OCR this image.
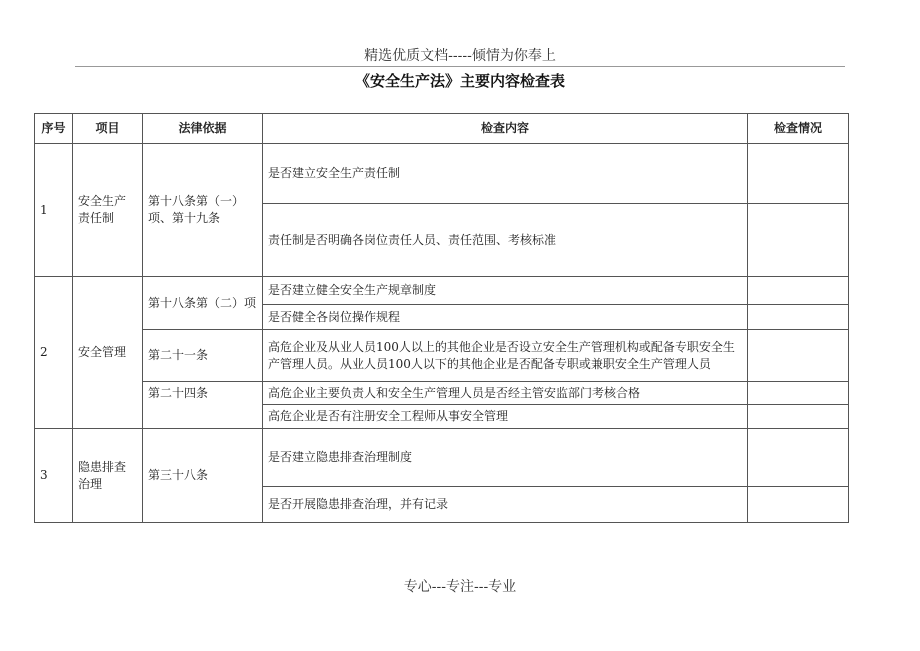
精选优质文档-----倾情为你奉上
《安全生产法》主要内容检查表
序号	项目	法律依据	检查内容	检查情况
1	安全生产责任制	第十八条第（一）项、第十九条	是否建立安全生产责任制	
			责任制是否明确各岗位责任人员、责任范围、考核标准	
2	安全管理	第十八条第（二）项	是否建立健全安全生产规章制度	
			是否健全各岗位操作规程	
		第二十一条	高危企业及从业人员100人以上的其他企业是否设立安全生产管理机构或配备专职安全生产管理人员。从业人员100人以下的其他企业是否配备专职或兼职安全生产管理人员	
		第二十四条	高危企业主要负责人和安全生产管理人员是否经主管安监部门考核合格	
			高危企业是否有注册安全工程师从事安全管理	

3	隐患排查治理	第三十八条	是否建立隐患排查治理制度	
			是否开展隐患排查治理，并有记录	
专心---专注---专业
